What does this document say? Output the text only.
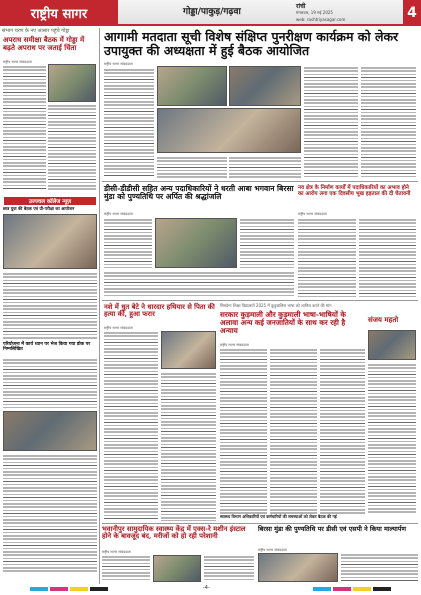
राष्ट्रीय सागर	गोड्डा/पाकुड़/गढ़वा
रांची
मंगलवार, 19 मई 2025
web: rashtriyasagar.com	4
संभाग चरण के नए आसार पहुंचे गोड्डा
अपराध समीक्षा बैठक में गोड्डा में बढ़ते अपराध पर जताई चिंता
राष्ट्रीय सागर संवाददाता
उज्ज्वल कॉलेज न्यूज़
छात्र युवा की बैठक एवं प्री-परीक्षा का आयोजन
परियोजना में कार्य ध्यान पर भेज किया गया डोक पर निम्नलिखित
आगामी मतदाता सूची विशेष संक्षिप्त पुनरीक्षण कार्यक्रम को लेकर उपायुक्त की अध्यक्षता में हुई बैठक आयोजित
राष्ट्रीय सागर संवाददाता
डीसी-डीडीसी सहित अन्य पदाधिकारियों ने धरती आबा भगवान बिरसा मुंडा को पुण्यतिथि पर अर्पित की श्रद्धांजलि
राष्ट्रीय सागर संवाददाता
नव क्षेत्र के निर्माण कार्यों में पदाधिकारियों का अभाव होने का आरोप लगा एक दिवसीय भूख हड़ताल की दी चेतावनी
राष्ट्रीय सागर संवाददाता
नशे में धुत बेटे ने धारदार हथियार से पिता की हत्या की, हुआ फरार
राष्ट्रीय सागर संवाददाता
सिमडेगा शिक्षा विद्यालयों 2025 में कुड़ुखलिस भाषा को शामिल करने की मांग
सरकार कुड़माली और कुड़माली भाषा-भाषियों के अलावा अन्य कई जनजातियों के साथ कर रही है अन्याय
संजय महतो
राष्ट्रीय सागर संवाददाता
स्वास्थ्य विभाग अधिकारियों एवं कर्मचारियों की समस्याओं को लेकर बैठक की गई
भवानीपुर सामुदायिक स्वास्थ्य केंद्र में एक्स-रे मशीन इंस्टाल होने के बावजूद बंद, मरीजों को हो रही परेशानी
राष्ट्रीय सागर संवाददाता
बिरसा मुंडा की पुण्यतिथि पर डीसी एवं एसपी ने किया माल्यार्पण
राष्ट्रीय सागर संवाददाता
-4-
